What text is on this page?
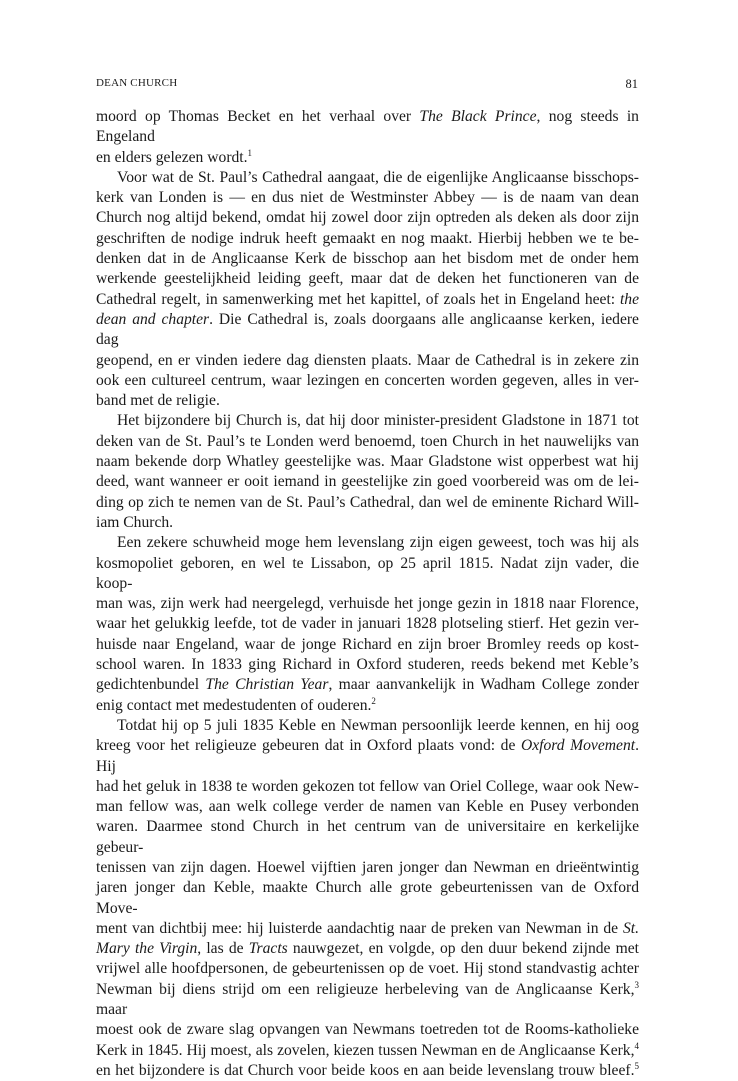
DEAN CHURCH	81
moord op Thomas Becket en het verhaal over The Black Prince, nog steeds in Engeland
en elders gelezen wordt.$^1$
Voor wat de St. Paul’s Cathedral aangaat, die de eigenlijke Anglicaanse bisschops-
kerk van Londen is — en dus niet de Westminster Abbey — is de naam van dean
Church nog altijd bekend, omdat hij zowel door zijn optreden als deken als door zijn
geschriften de nodige indruk heeft gemaakt en nog maakt. Hierbij hebben we te be-
denken dat in de Anglicaanse Kerk de bisschop aan het bisdom met de onder hem
werkende geestelijkheid leiding geeft, maar dat de deken het functioneren van de
Cathedral regelt, in samenwerking met het kapittel, of zoals het in Engeland heet: the
dean and chapter. Die Cathedral is, zoals doorgaans alle anglicaanse kerken, iedere dag
geopend, en er vinden iedere dag diensten plaats. Maar de Cathedral is in zekere zin
ook een cultureel centrum, waar lezingen en concerten worden gegeven, alles in ver-
band met de religie.
Het bijzondere bij Church is, dat hij door minister-president Gladstone in 1871 tot
deken van de St. Paul’s te Londen werd benoemd, toen Church in het nauwelijks van
naam bekende dorp Whatley geestelijke was. Maar Gladstone wist opperbest wat hij
deed, want wanneer er ooit iemand in geestelijke zin goed voorbereid was om de lei-
ding op zich te nemen van de St. Paul’s Cathedral, dan wel de eminente Richard Will-
iam Church.
Een zekere schuwheid moge hem levenslang zijn eigen geweest, toch was hij als
kosmopoliet geboren, en wel te Lissabon, op 25 april 1815. Nadat zijn vader, die koop-
man was, zijn werk had neergelegd, verhuisde het jonge gezin in 1818 naar Florence,
waar het gelukkig leefde, tot de vader in januari 1828 plotseling stierf. Het gezin ver-
huisde naar Engeland, waar de jonge Richard en zijn broer Bromley reeds op kost-
school waren. In 1833 ging Richard in Oxford studeren, reeds bekend met Keble’s
gedichtenbundel The Christian Year, maar aanvankelijk in Wadham College zonder
enig contact met medestudenten of ouderen.$^2$
Totdat hij op 5 juli 1835 Keble en Newman persoonlijk leerde kennen, en hij oog
kreeg voor het religieuze gebeuren dat in Oxford plaats vond: de Oxford Movement. Hij
had het geluk in 1838 te worden gekozen tot fellow van Oriel College, waar ook New-
man fellow was, aan welk college verder de namen van Keble en Pusey verbonden
waren. Daarmee stond Church in het centrum van de universitaire en kerkelijke gebeur-
tenissen van zijn dagen. Hoewel vijftien jaren jonger dan Newman en drieëntwintig
jaren jonger dan Keble, maakte Church alle grote gebeurtenissen van de Oxford Move-
ment van dichtbij mee: hij luisterde aandachtig naar de preken van Newman in de St.
Mary the Virgin, las de Tracts nauwgezet, en volgde, op den duur bekend zijnde met
vrijwel alle hoofdpersonen, de gebeurtenissen op de voet. Hij stond standvastig achter
Newman bij diens strijd om een religieuze herbeleving van de Anglicaanse Kerk,$^3$ maar
moest ook de zware slag opvangen van Newmans toetreden tot de Rooms-katholieke
Kerk in 1845. Hij moest, als zovelen, kiezen tussen Newman en de Anglicaanse Kerk,$^4$
en het bijzondere is dat Church voor beide koos en aan beide levenslang trouw bleef.$^5$
